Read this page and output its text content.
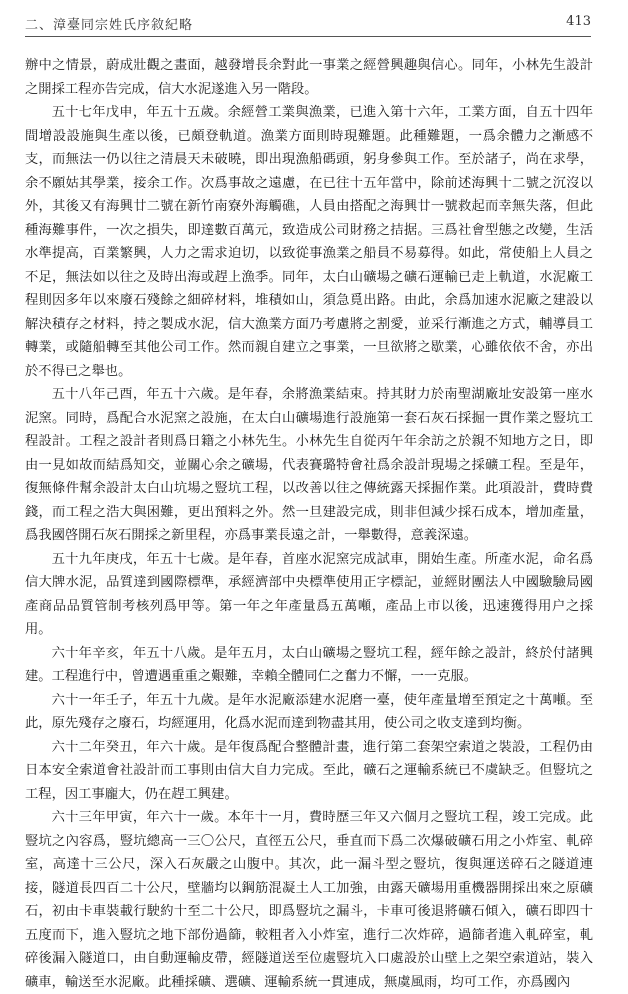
二、漳臺同宗姓氏序敘紀略	413

辦中之情景，蔚成壯觀之畫面，越發增長余對此一事業之經營興趣與信心。同年，小林先生設計之開採工程亦告完成，信大水泥遂進入另一階段。

五十七年戊申，年五十五歲。余經營工業與漁業，已進入第十六年，工業方面，自五十四年間增設設施與生產以後，已頗登軌道。漁業方面則時現難題。此種難題，一爲余體力之漸感不支，而無法一仍以往之清晨天未破曉，即出現漁船碼頭，躬身參與工作。至於諸子，尚在求學，余不願姑其學業，接余工作。次爲事故之遠慮，在已往十五年當中，除前述海興十二號之沉沒以外，其後又有海興廿二號在新竹南寮外海觸礁，人員由搭配之海興廿一號救起而幸無失落，但此種海難事件，一次之損失，即達數百萬元，致造成公司財務之拮据。三爲社會型態之改變，生活水準提高，百業繁興，人力之需求迫切，以致從事漁業之船員不易募得。如此，常使船上人員之不足，無法如以往之及時出海或趕上漁季。同年，太白山礦場之礦石運輸已走上軌道，水泥廠工程則因多年以來廢石殘餘之細碎材料，堆積如山，須急覓出路。由此，余爲加速水泥廠之建設以解決積存之材料，持之製成水泥，信大漁業方面乃考慮將之割愛，並采行漸進之方式，輔導員工轉業，或隨船轉至其他公司工作。然而親自建立之事業，一旦欲將之歇業，心雖依依不舍，亦出於不得已之舉也。

五十八年己酉，年五十六歲。是年春，余將漁業結束。持其財力於南聖湖廠址安設第一座水泥窯。同時，爲配合水泥窯之設施，在太白山礦場進行設施第一套石灰石採掘一貫作業之豎坑工程設計。工程之設計者則爲日籍之小林先生。小林先生自從丙午年余訪之於親不知地方之日，即由一見如故而結爲知交，並關心余之礦場，代表賽璐特會社爲余設計現場之採礦工程。至是年，復無條件幫余設計太白山坑場之豎坑工程，以改善以往之傳統露天採掘作業。此項設計，費時費錢，而工程之浩大與困難，更出預料之外。然一旦建設完成，則非但減少採石成本，增加產量，爲我國啓開石灰石開採之新里程，亦爲事業長遠之計，一舉數得，意義深遠。

五十九年庚戌，年五十七歲。是年春，首座水泥窯完成試車，開始生產。所產水泥，命名爲信大牌水泥，品質達到國際標準，承經濟部中央標準使用正字標記，並經財團法人中國驗驗局國產商品品質管制考核列爲甲等。第一年之年產量爲五萬噸，產品上市以後，迅速獲得用户之採用。

六十年辛亥，年五十八歲。是年五月，太白山礦場之豎坑工程，經年餘之設計，終於付諸興建。工程進行中，曾遭遇重重之艱難，幸賴全體同仁之奮力不懈，一一克服。

六十一年壬子，年五十九歲。是年水泥廠添建水泥磨一臺，使年產量增至預定之十萬噸。至此，原先殘存之廢石，均經運用，化爲水泥而達到物盡其用，使公司之收支達到均衡。

六十二年癸丑，年六十歲。是年復爲配合整體計畫，進行第二套架空索道之裝設，工程仍由日本安全索道會社設計而工事則由信大自力完成。至此，礦石之運輸系統已不虞缺乏。但豎坑之工程，因工事龐大，仍在趕工興建。

六十三年甲寅，年六十一歲。本年十一月，費時歷三年又六個月之豎坑工程，竣工完成。此豎坑之內容爲，豎坑總高一三〇公尺，直徑五公尺，垂直而下爲二次爆破礦石用之小炸室、軋碎室，高達十三公尺，深入石灰嚴之山腹中。其次，此一漏斗型之豎坑，復與運送碎石之隧道連接，隧道長四百二十公尺，壁牆均以鋼筋混凝土人工加強，由露天礦場用重機器開採出來之原礦石，初由卡車裝載行駛約十至二十公尺，即爲豎坑之漏斗，卡車可後退將礦石傾入，礦石即四十五度而下，進入豎坑之地下部份過篩，較粗者入小炸室，進行二次炸碎，過篩者進入軋碎室，軋碎後漏入隧道口，由自動運輸皮帶，經隧道送至位處豎坑入口處設於山壁上之架空索道站，裝入礦車，輸送至水泥廠。此種採礦、選礦、運輸系統一貫連成，無虞風雨，均可工作，亦爲國內
